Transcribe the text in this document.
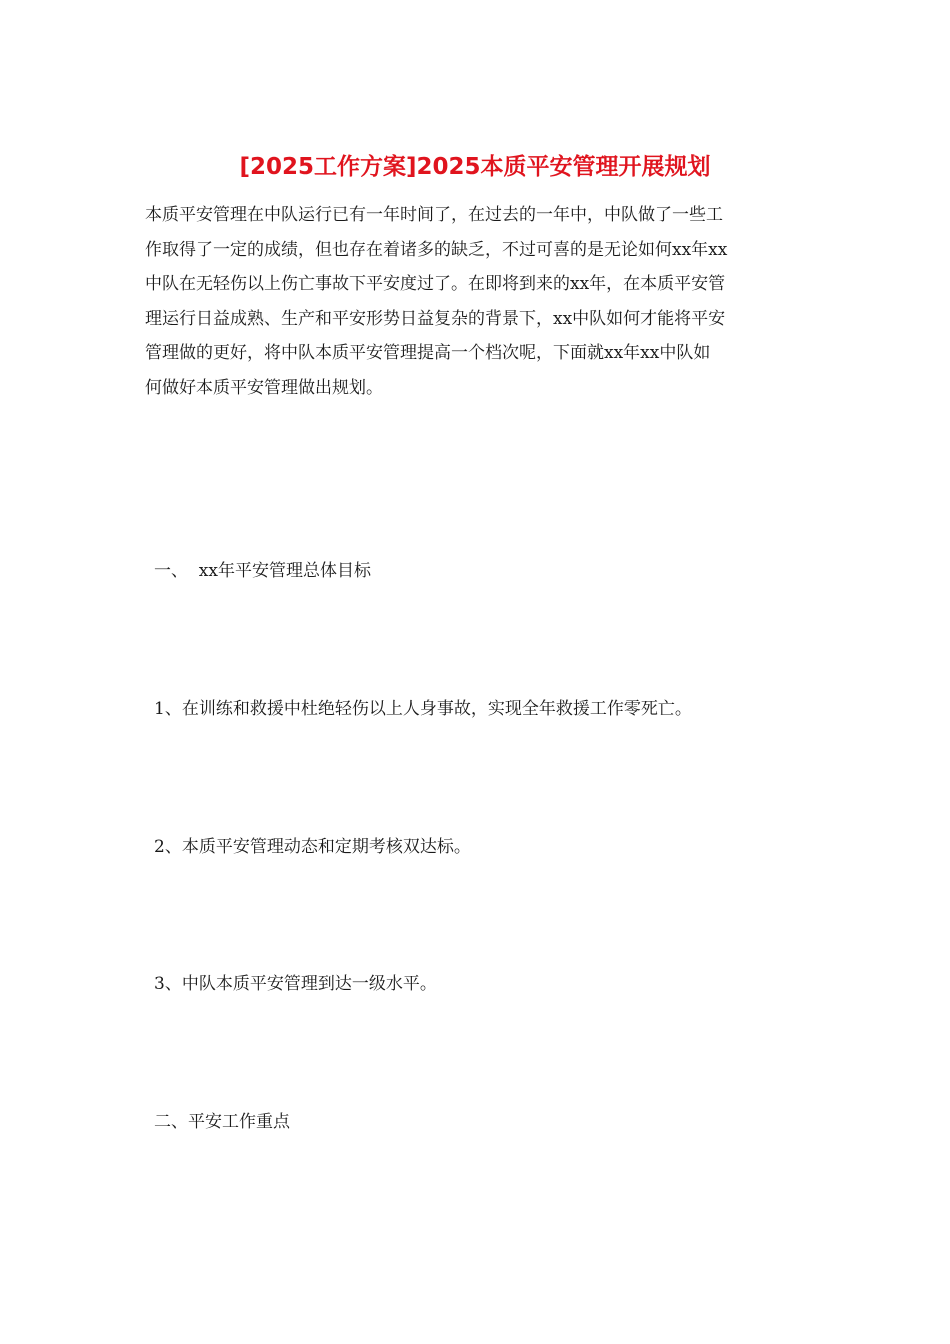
[2025工作方案]2025本质平安管理开展规划

本质平安管理在中队运行已有一年时间了，在过去的一年中，中队做了一些工
作取得了一定的成绩，但也存在着诸多的缺乏，不过可喜的是无论如何xx年xx
中队在无轻伤以上伤亡事故下平安度过了。在即将到来的xx年，在本质平安管
理运行日益成熟、生产和平安形势日益复杂的背景下，xx中队如何才能将平安
管理做的更好，将中队本质平安管理提高一个档次呢，下面就xx年xx中队如
何做好本质平安管理做出规划。

一、  xx年平安管理总体目标

1、在训练和救援中杜绝轻伤以上人身事故，实现全年救援工作零死亡。

2、本质平安管理动态和定期考核双达标。

3、中队本质平安管理到达一级水平。

二、平安工作重点
